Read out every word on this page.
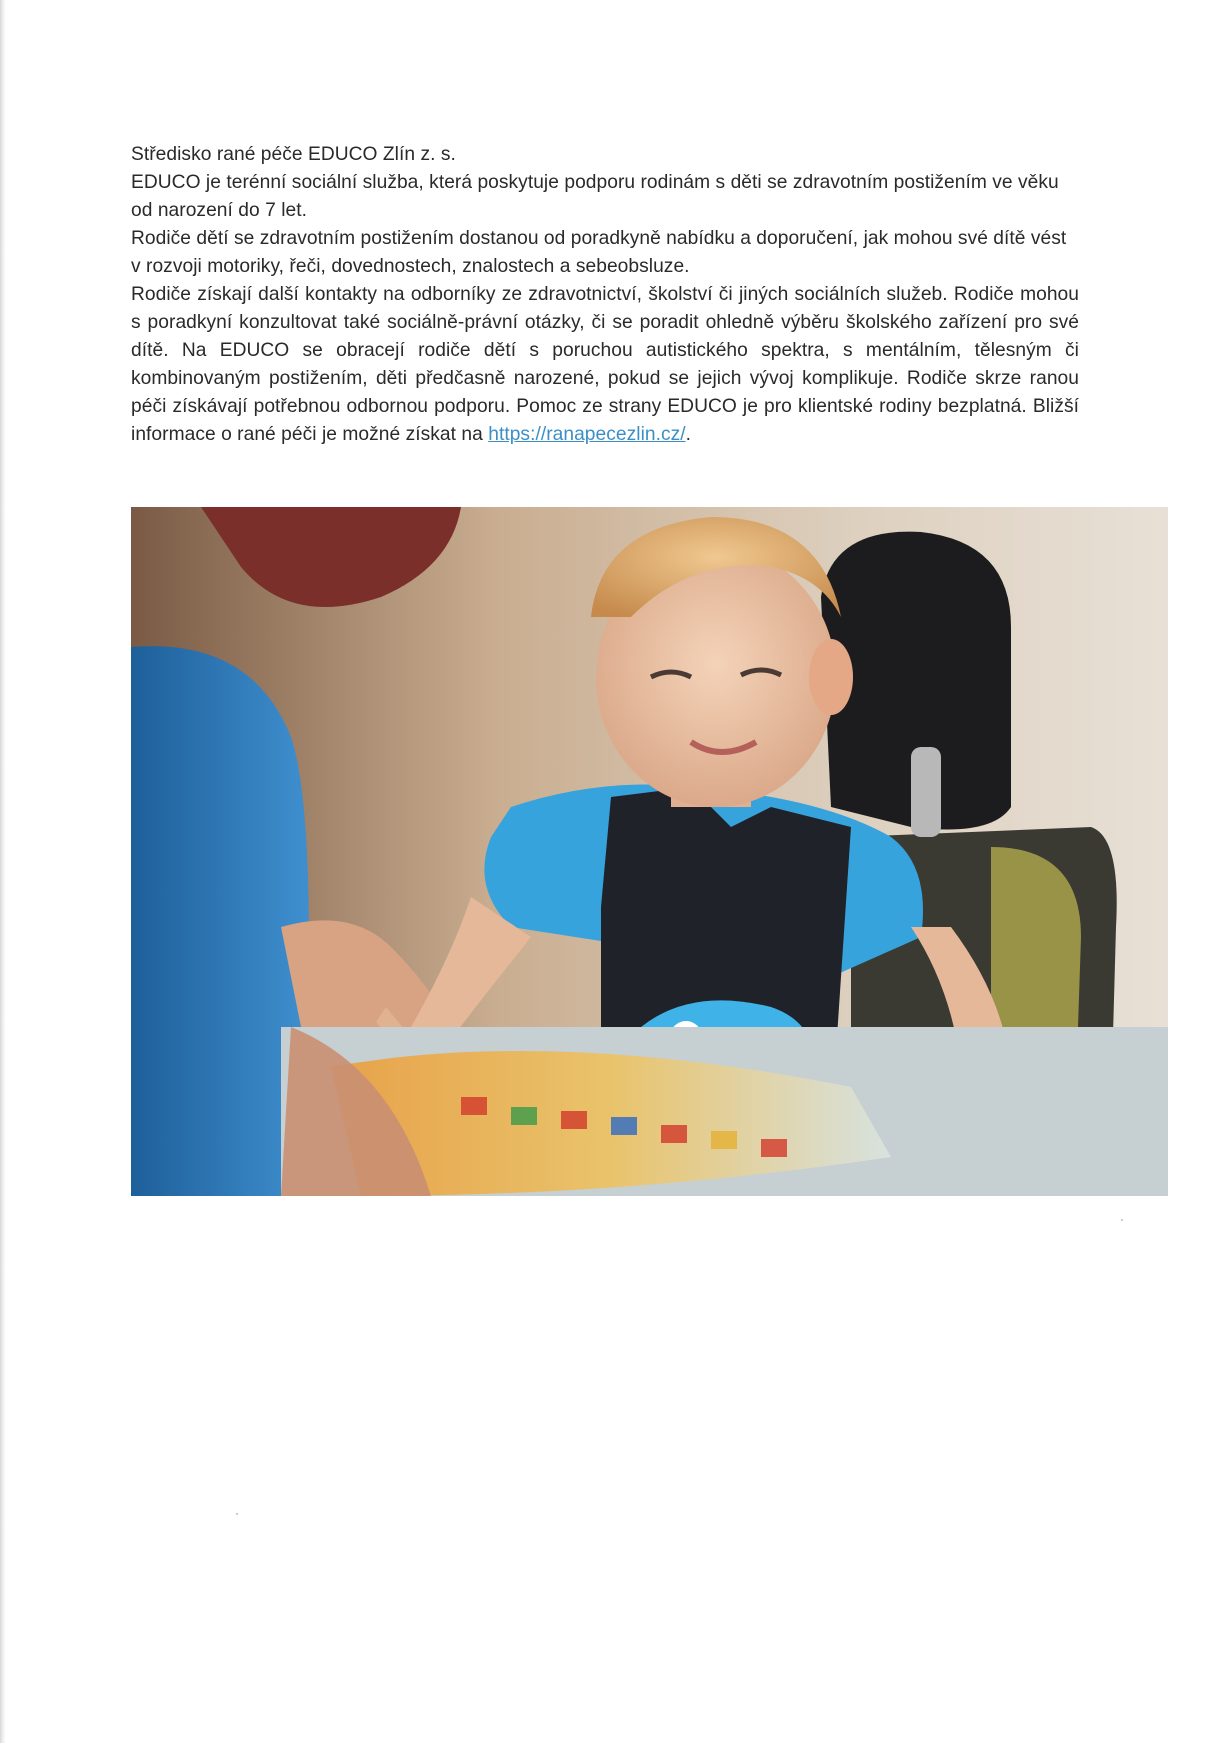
Středisko rané péče EDUCO Zlín z. s.

EDUCO je terénní sociální služba, která poskytuje podporu rodinám s děti se zdravotním postižením ve věku od narození do 7 let.

Rodiče dětí se zdravotním postižením dostanou od poradkyně nabídku a doporučení, jak mohou své dítě vést v rozvoji motoriky, řeči, dovednostech, znalostech a sebeobsluze.

Rodiče získají další kontakty na odborníky ze zdravotnictví, školství či jiných sociálních služeb. Rodiče mohou s poradkyní konzultovat také sociálně-právní otázky, či se poradit ohledně výběru školského zařízení pro své dítě. Na EDUCO se obracejí rodiče dětí s poruchou autistického spektra, s mentálním, tělesným či kombinovaným postižením, děti předčasně narozené, pokud se jejich vývoj komplikuje. Rodiče skrze ranou péči získávají potřebnou odbornou podporu. Pomoc ze strany EDUCO je pro klientské rodiny bezplatná. Bližší informace o rané péči je možné získat na https://ranapecezlin.cz/.
